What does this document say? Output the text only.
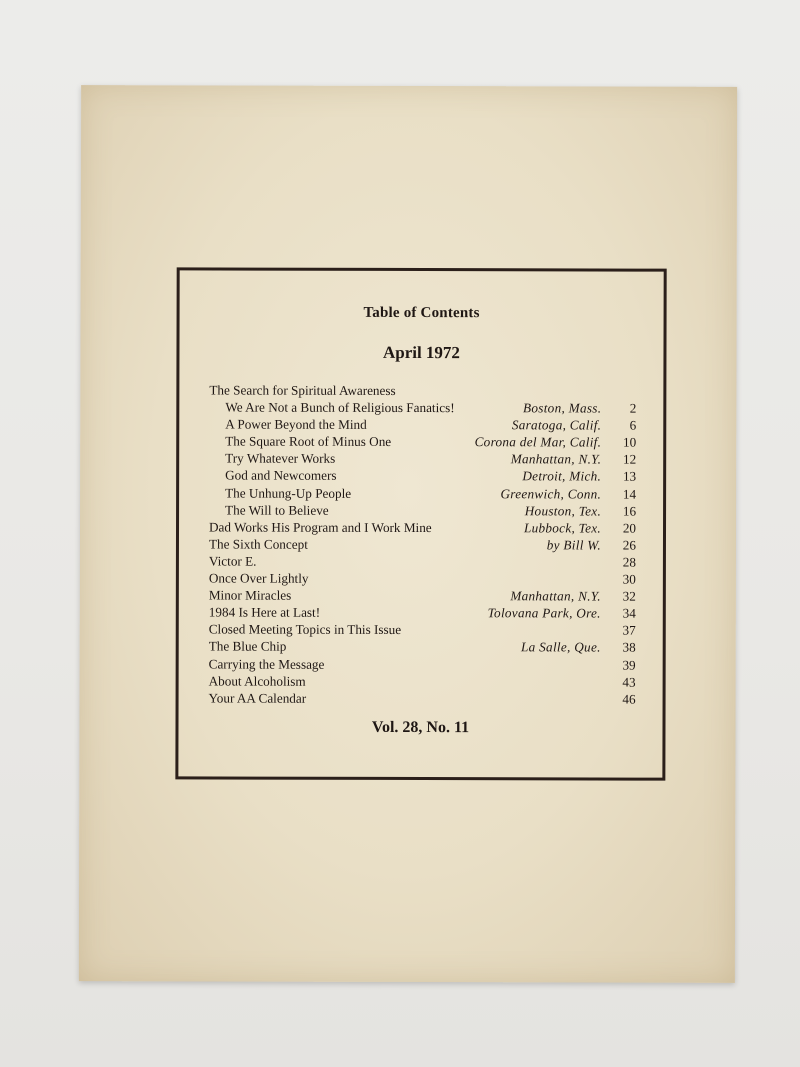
Table of Contents
April 1972
The Search for Spiritual Awareness
We Are Not a Bunch of Religious Fanatics!	Boston, Mass.	2
A Power Beyond the Mind	Saratoga, Calif.	6
The Square Root of Minus One	Corona del Mar, Calif.	10
Try Whatever Works	Manhattan, N.Y.	12
God and Newcomers	Detroit, Mich.	13
The Unhung-Up People	Greenwich, Conn.	14
The Will to Believe	Houston, Tex.	16
Dad Works His Program and I Work Mine	Lubbock, Tex.	20
The Sixth Concept	by Bill W.	26
Victor E.	28
Once Over Lightly	30
Minor Miracles	Manhattan, N.Y.	32
1984 Is Here at Last!	Tolovana Park, Ore.	34
Closed Meeting Topics in This Issue	37
The Blue Chip	La Salle, Que.	38
Carrying the Message	39
About Alcoholism	43
Your AA Calendar	46
Vol. 28, No. 11
